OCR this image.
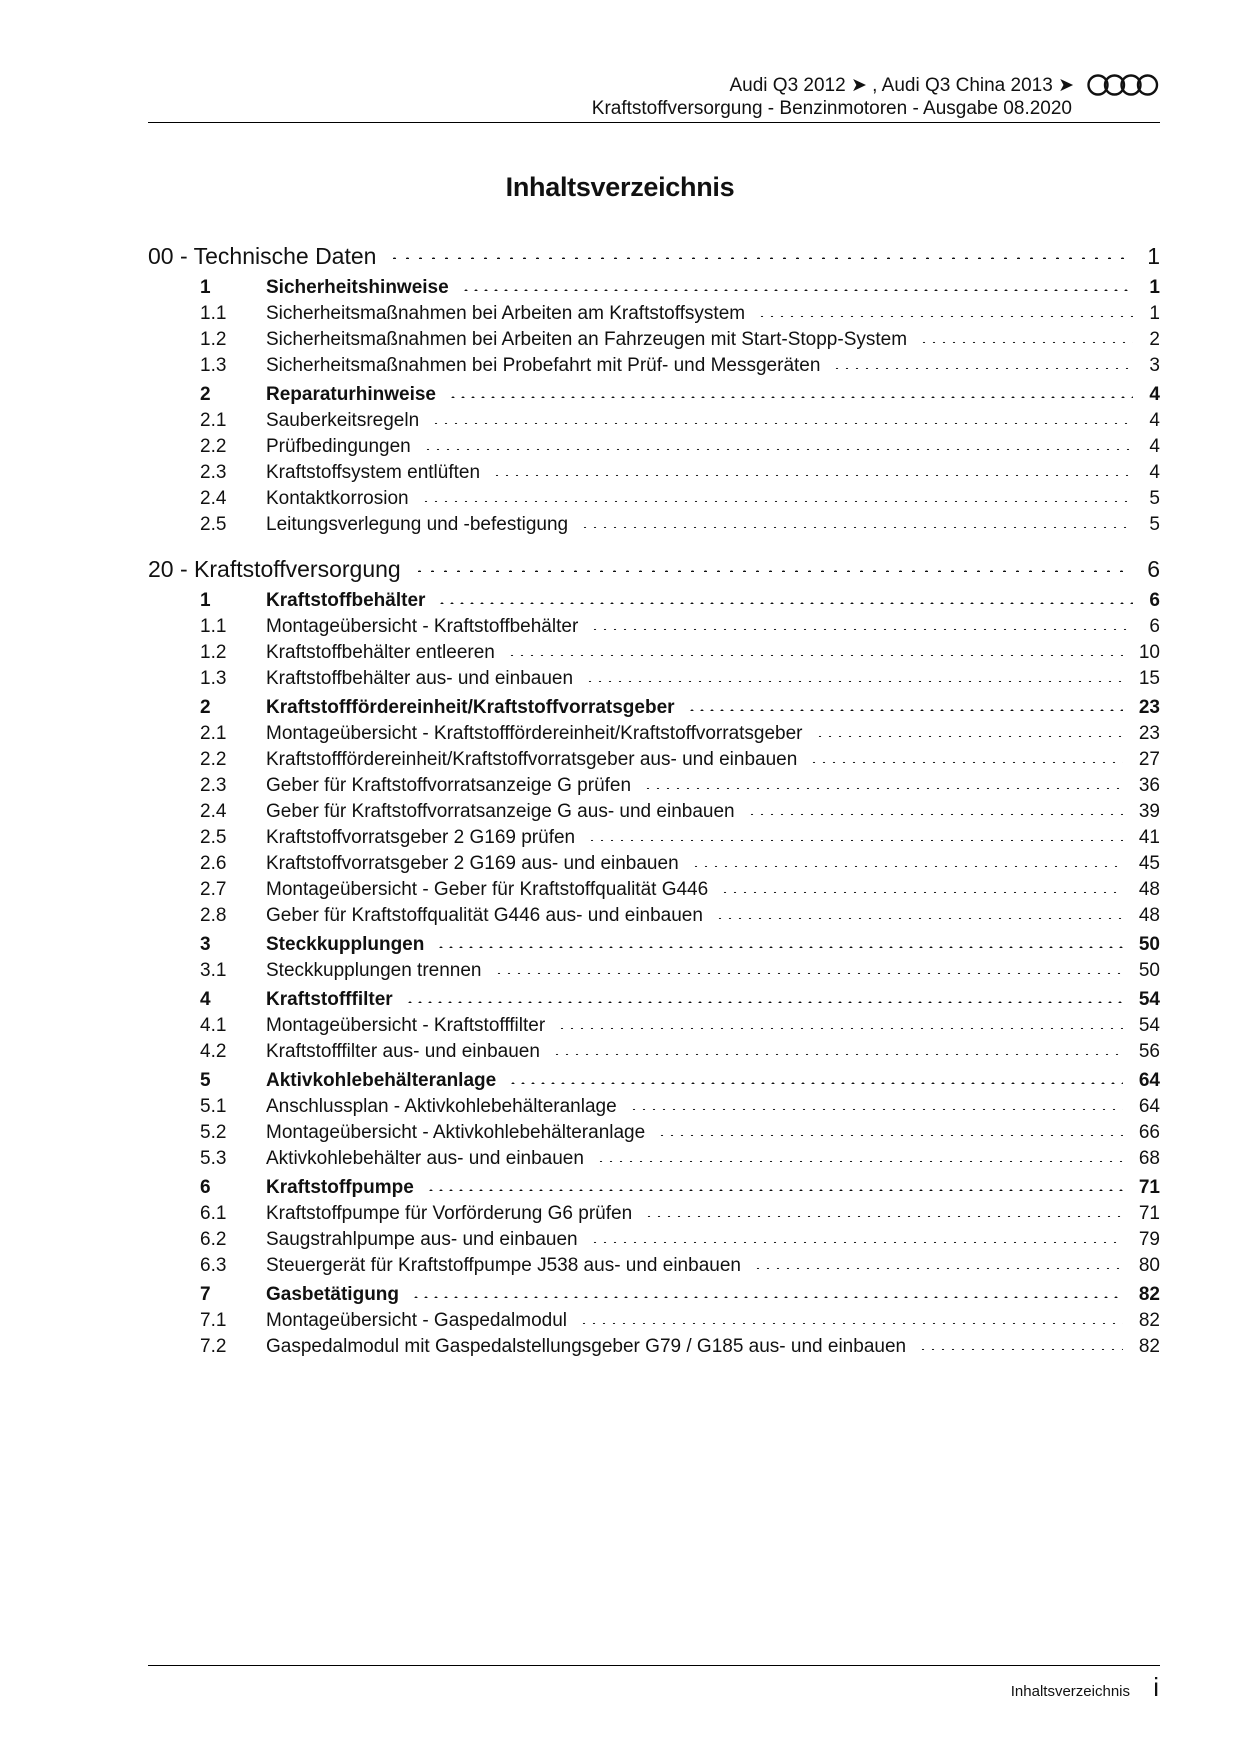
Audi Q3 2012 ➤ , Audi Q3 China 2013 ➤
Kraftstoffversorgung - Benzinmotoren - Ausgabe 08.2020
Inhaltsverzeichnis
00 - Technische Daten	1
1	Sicherheitshinweise	1
1.1 Sicherheitsmaßnahmen bei Arbeiten am Kraftstoffsystem	1
1.2 Sicherheitsmaßnahmen bei Arbeiten an Fahrzeugen mit Start-Stopp-System	2
1.3 Sicherheitsmaßnahmen bei Probefahrt mit Prüf- und Messgeräten	3
2	Reparaturhinweise	4
2.1 Sauberkeitsregeln	4
2.2 Prüfbedingungen	4
2.3 Kraftstoffsystem entlüften	4
2.4 Kontaktkorrosion	5
2.5 Leitungsverlegung und -befestigung	5
20 - Kraftstoffversorgung	6
1	Kraftstoffbehälter	6
1.1 Montageübersicht - Kraftstoffbehälter	6
1.2 Kraftstoffbehälter entleeren	10
1.3 Kraftstoffbehälter aus- und einbauen	15
2	Kraftstofffördereinheit/Kraftstoffvorratsgeber	23
2.1 Montageübersicht - Kraftstofffördereinheit/Kraftstoffvorratsgeber	23
2.2 Kraftstofffördereinheit/Kraftstoffvorratsgeber aus- und einbauen	27
2.3 Geber für Kraftstoffvorratsanzeige G prüfen	36
2.4 Geber für Kraftstoffvorratsanzeige G aus- und einbauen	39
2.5 Kraftstoffvorratsgeber 2 G169 prüfen	41
2.6 Kraftstoffvorratsgeber 2 G169 aus- und einbauen	45
2.7 Montageübersicht - Geber für Kraftstoffqualität G446	48
2.8 Geber für Kraftstoffqualität G446 aus- und einbauen	48
3	Steckkupplungen	50
3.1 Steckkupplungen trennen	50
4	Kraftstofffilter	54
4.1 Montageübersicht - Kraftstofffilter	54
4.2 Kraftstofffilter aus- und einbauen	56
5	Aktivkohlebehälteranlage	64
5.1 Anschlussplan - Aktivkohlebehälteranlage	64
5.2 Montageübersicht - Aktivkohlebehälteranlage	66
5.3 Aktivkohlebehälter aus- und einbauen	68
6	Kraftstoffpumpe	71
6.1 Kraftstoffpumpe für Vorförderung G6 prüfen	71
6.2 Saugstrahlpumpe aus- und einbauen	79
6.3 Steuergerät für Kraftstoffpumpe J538 aus- und einbauen	80
7	Gasbetätigung	82
7.1 Montageübersicht - Gaspedalmodul	82
7.2 Gaspedalmodul mit Gaspedalstellungsgeber G79 / G185 aus- und einbauen	82
Inhaltsverzeichnis i
